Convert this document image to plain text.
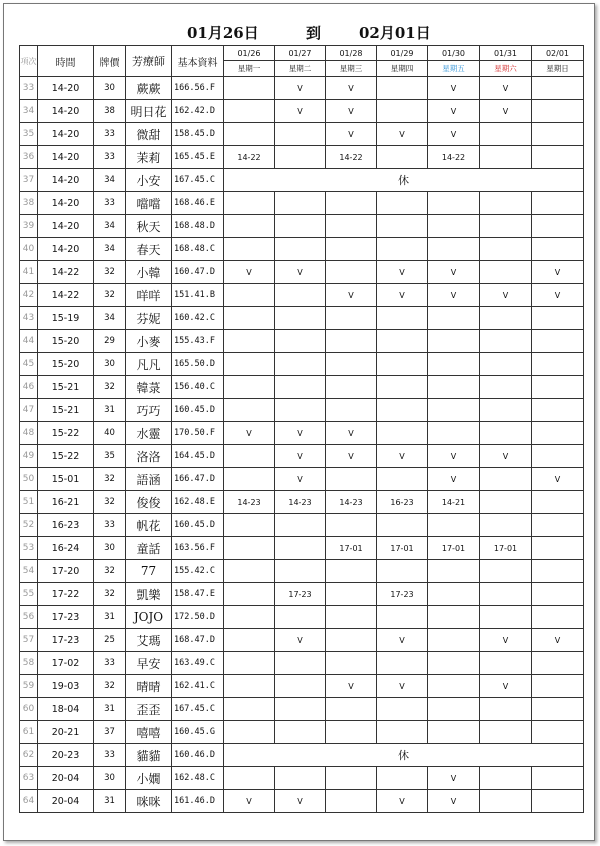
01月26日	到	02月01日
項次	時間	牌價	芳療師	基本資料	01/26	01/27	01/28	01/29	01/30	01/31	02/01
					星期一	星期二	星期三	星期四	星期五	星期六	星期日
33	14-20	30	蕨蕨	166.56.F		V	V		V	V	
34	14-20	38	明日花	162.42.D		V	V		V	V	
35	14-20	33	微甜	158.45.D			V	V	V		
36	14-20	33	茉莉	165.45.E	14-22		14-22		14-22		
37	14-20	34	小安	167.45.C	休						
38	14-20	33	噹噹	168.46.E							
39	14-20	34	秋天	168.48.D							
40	14-20	34	春天	168.48.C							
41	14-22	32	小韓	160.47.D	V	V		V	V		V
42	14-22	32	咩咩	151.41.B			V	V	V	V	V
43	15-19	34	芬妮	160.42.C							
44	15-20	29	小麥	155.43.F							
45	15-20	30	凡凡	165.50.D							
46	15-21	32	韓菉	156.40.C							
47	15-21	31	巧巧	160.45.D							
48	15-22	40	水靈	170.50.F	V	V	V				
49	15-22	35	洛洛	164.45.D		V	V	V	V	V	
50	15-01	32	語涵	166.47.D		V			V		V
51	16-21	32	俊俊	162.48.E	14-23	14-23	14-23	16-23	14-21		
52	16-23	33	帆花	160.45.D							
53	16-24	30	童話	163.56.F			17-01	17-01	17-01	17-01	
54	17-20	32	77	155.42.C							
55	17-22	32	凱樂	158.47.E		17-23		17-23			
56	17-23	31	JOJO	172.50.D							
57	17-23	25	艾瑪	168.47.D		V		V		V	V
58	17-02	33	早安	163.49.C							
59	19-03	32	晴晴	162.41.C			V	V		V	
60	18-04	31	歪歪	167.45.C							
61	20-21	37	嘻嘻	160.45.G							
62	20-23	33	貓貓	160.46.D	休						
63	20-04	30	小嫺	162.48.C					V		
64	20-04	31	咪咪	161.46.D	V	V		V	V		
